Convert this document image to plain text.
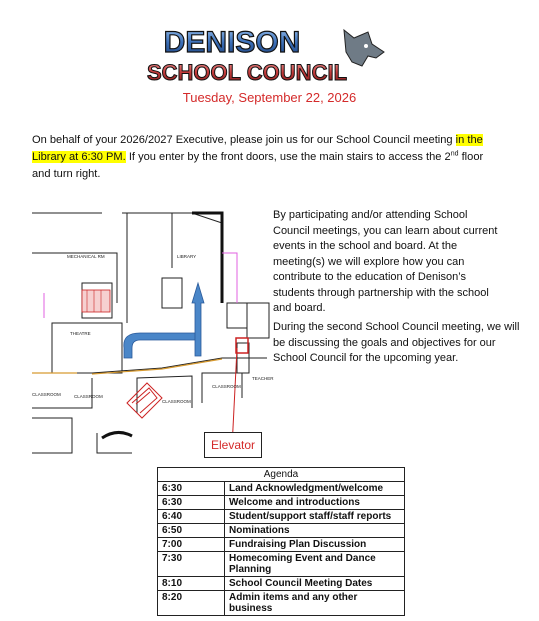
DENISON
SCHOOL COUNCIL
Tuesday, September 22, 2026
On behalf of your 2026/2027 Executive, please join us for our School Council meeting in the Library at 6:30 PM. If you enter by the front doors, use the main stairs to access the 2nd floor and turn right.
MECHANICAL RM	LIBRARY
THEATRE
CLASSROOM	CLASSROOM
CLASSROOM
CLASSROOM
TEACHER
Elevator
By participating and/or attending School Council meetings, you can learn about current events in the school and board. At the meeting(s) we will explore how you can contribute to the education of Denison’s students through partnership with the school and board.
During the second School Council meeting, we will be discussing the goals and objectives for our School Council for the upcoming year.
Agenda	
6:30	Land Acknowledgment/welcome
6:30	Welcome and introductions
6:40	Student/support staff/staff reports
6:50	Nominations
7:00	Fundraising Plan Discussion
7:30	Homecoming Event and Dance Planning
8:10	School Council Meeting Dates
8:20	Admin items and any other business
